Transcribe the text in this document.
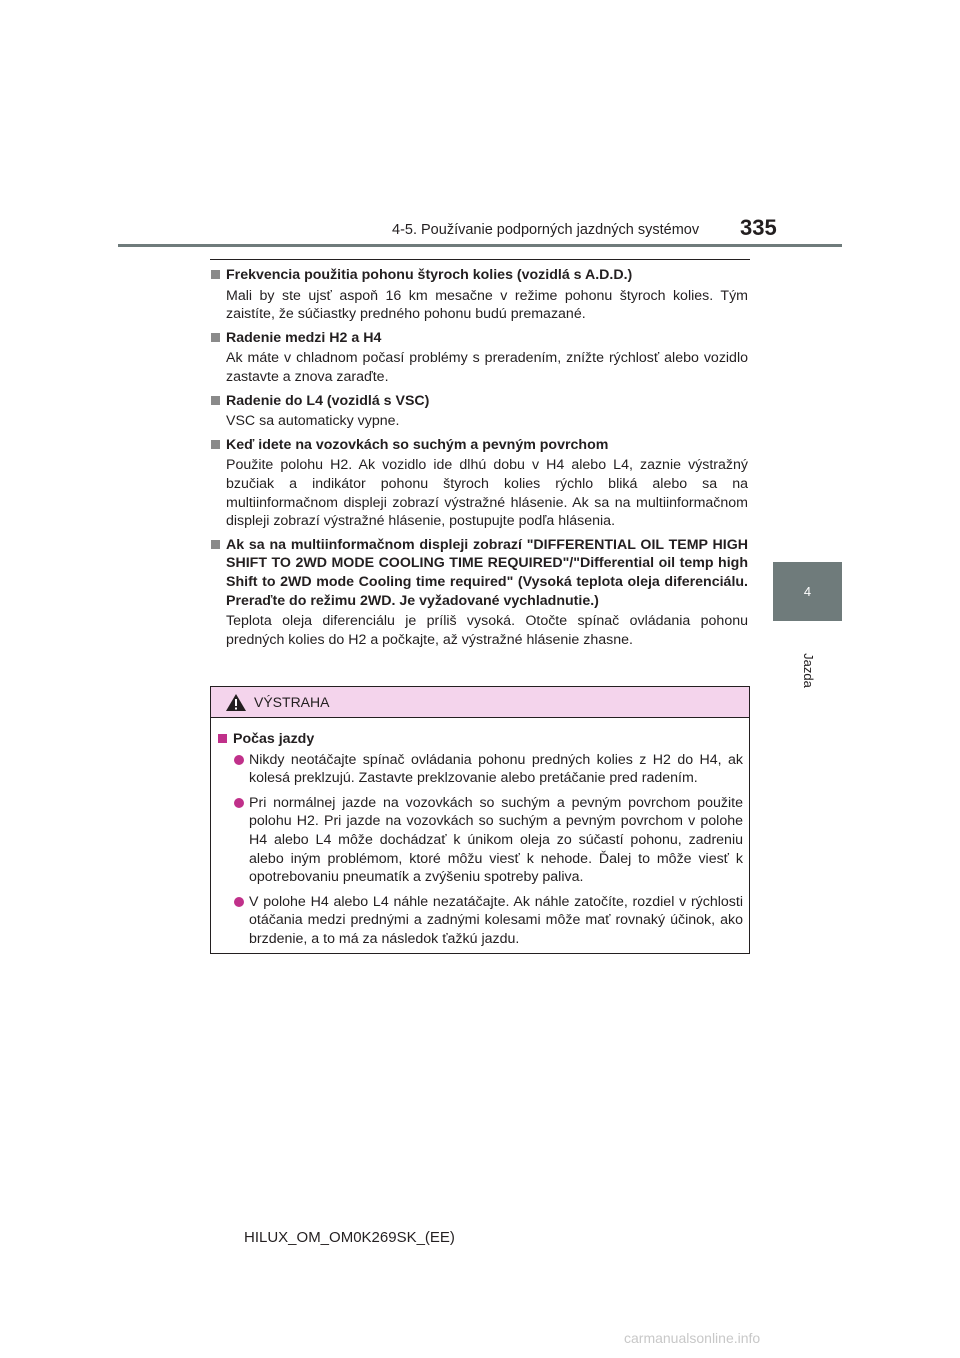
4-5. Používanie podporných jazdných systémov 335
4
Jazda
Frekvencia použitia pohonu štyroch kolies (vozidlá s A.D.D.)
Mali by ste ujsť aspoň 16 km mesačne v režime pohonu štyroch kolies. Tým zaistíte, že súčiastky predného pohonu budú premazané.
Radenie medzi H2 a H4
Ak máte v chladnom počasí problémy s preradením, znížte rýchlosť alebo vozidlo zastavte a znova zaraďte.
Radenie do L4 (vozidlá s VSC)
VSC sa automaticky vypne.
Keď idete na vozovkách so suchým a pevným povrchom
Použite polohu H2. Ak vozidlo ide dlhú dobu v H4 alebo L4, zaznie výstražný bzučiak a indikátor pohonu štyroch kolies rýchlo bliká alebo sa na multiinformačnom displeji zobrazí výstražné hlásenie. Ak sa na multiinformačnom displeji zobrazí výstražné hlásenie, postupujte podľa hlásenia.
Ak sa na multiinformačnom displeji zobrazí "DIFFERENTIAL OIL TEMP HIGH SHIFT TO 2WD MODE COOLING TIME REQUIRED"/"Differential oil temp high Shift to 2WD mode Cooling time required" (Vysoká teplota oleja diferenciálu. Preraďte do režimu 2WD. Je vyžadované vychladnutie.)
Teplota oleja diferenciálu je príliš vysoká. Otočte spínač ovládania pohonu predných kolies do H2 a počkajte, až výstražné hlásenie zhasne.
VÝSTRAHA
Počas jazdy
Nikdy neotáčajte spínač ovládania pohonu predných kolies z H2 do H4, ak kolesá preklzujú. Zastavte preklzovanie alebo pretáčanie pred radením.
Pri normálnej jazde na vozovkách so suchým a pevným povrchom použite polohu H2. Pri jazde na vozovkách so suchým a pevným povrchom v polohe H4 alebo L4 môže dochádzať k únikom oleja zo súčastí pohonu, zadreniu alebo iným problémom, ktoré môžu viesť k nehode. Ďalej to môže viesť k opotrebovaniu pneumatík a zvýšeniu spotreby paliva.
V polohe H4 alebo L4 náhle nezatáčajte. Ak náhle zatočíte, rozdiel v rýchlosti otáčania medzi prednými a zadnými kolesami môže mať rovnaký účinok, ako brzdenie, a to má za následok ťažkú jazdu.
HILUX_OM_OM0K269SK_(EE)
carmanualsonline.info
